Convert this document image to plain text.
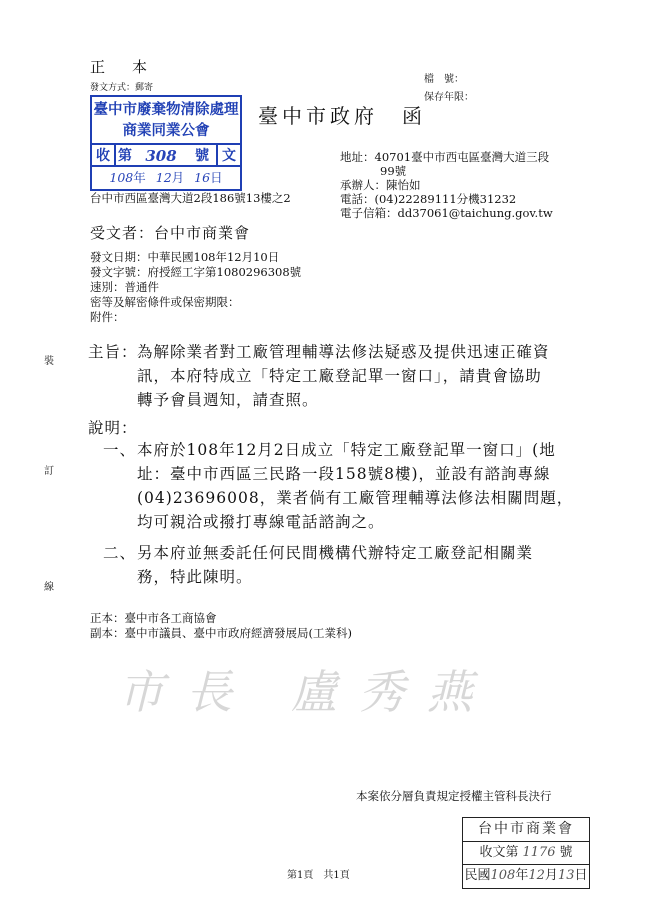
正　本
發文方式：郵寄
檔　號：
保存年限：
臺中市廢棄物清除處理商業同業公會
收 第 308	號 文
108年 12月 16日
台中市西區臺灣大道2段186號13樓之2
臺中市政府　函
地址：40701臺中市西屯區臺灣大道三段
99號
承辦人：陳怡如
電話：(04)22289111分機31232
電子信箱：dd37061@taichung.gov.tw
受文者：台中市商業會
發文日期：中華民國108年12月10日
發文字號：府授經工字第1080296308號
速別：普通件
密等及解密條件或保密期限：
附件：
裝
訂
線
主旨： 為解除業者對工廠管理輔導法修法疑惑及提供迅速正確資
訊，本府特成立「特定工廠登記單一窗口」，請貴會協助
轉予會員週知，請查照。
說明：
一、 本府於108年12月2日成立「特定工廠登記單一窗口」(地
址：臺中市西區三民路一段158號8樓)，並設有諮詢專線
(04)23696008，業者倘有工廠管理輔導法修法相關問題，
均可親洽或撥打專線電話諮詢之。
二、 另本府並無委託任何民間機構代辦特定工廠登記相關業
務，特此陳明。
正本：臺中市各工商協會
副本：臺中市議員、臺中市政府經濟發展局(工業科)
市長 盧秀燕
本案依分層負責規定授權主管科長決行
台中市商業會
收文第 1176 號
民國108年12月13日
第1頁　共1頁
